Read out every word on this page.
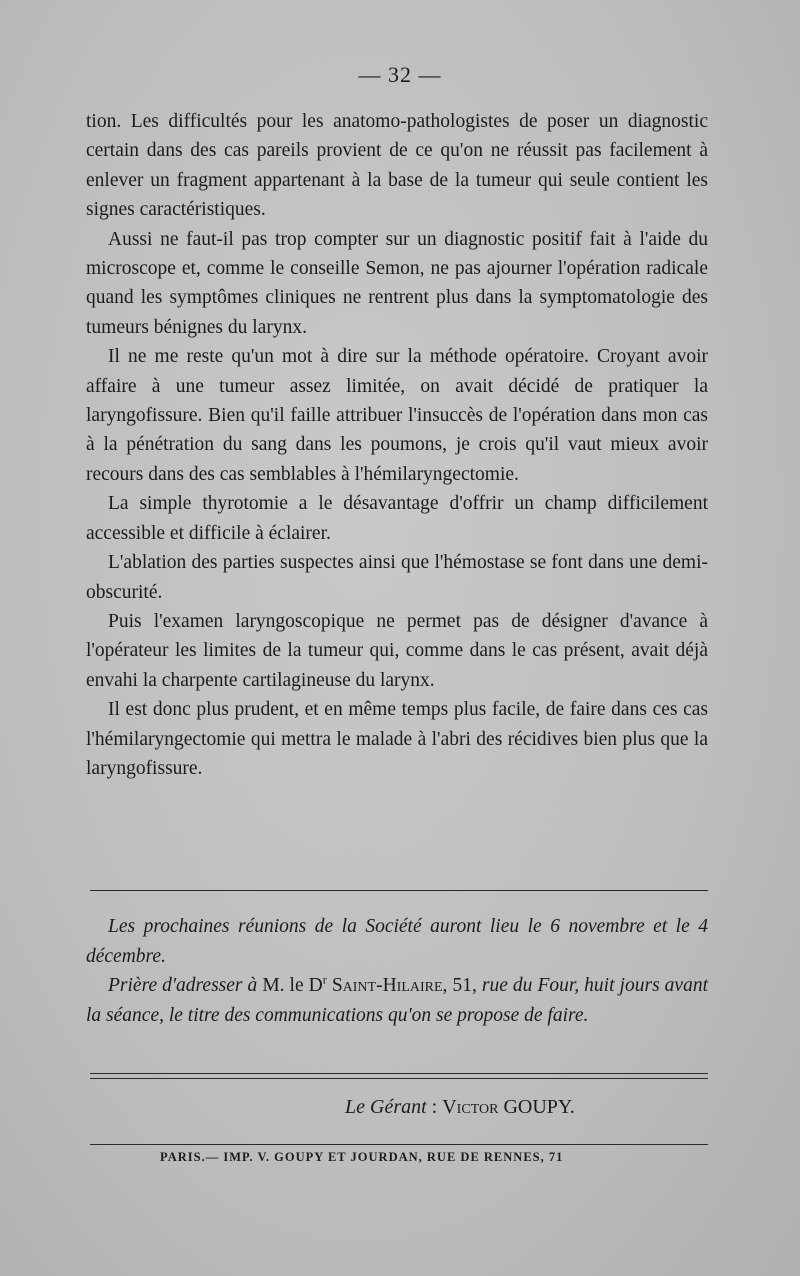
— 32 —

tion. Les difficultés pour les anatomo-pathologistes de poser un diagnostic certain dans des cas pareils provient de ce qu'on ne réussit pas facilement à enlever un fragment appartenant à la base de la tumeur qui seule contient les signes caractéristiques.

Aussi ne faut-il pas trop compter sur un diagnostic positif fait à l'aide du microscope et, comme le conseille Semon, ne pas ajourner l'opération radicale quand les symptômes cliniques ne rentrent plus dans la symptomatologie des tumeurs bénignes du larynx.

Il ne me reste qu'un mot à dire sur la méthode opératoire. Croyant avoir affaire à une tumeur assez limitée, on avait décidé de pratiquer la laryngofissure. Bien qu'il faille attribuer l'insuccès de l'opération dans mon cas à la pénétration du sang dans les poumons, je crois qu'il vaut mieux avoir recours dans des cas semblables à l'hémilaryngectomie.

La simple thyrotomie a le désavantage d'offrir un champ difficilement accessible et difficile à éclairer.

L'ablation des parties suspectes ainsi que l'hémostase se font dans une demi-obscurité.

Puis l'examen laryngoscopique ne permet pas de désigner d'avance à l'opérateur les limites de la tumeur qui, comme dans le cas présent, avait déjà envahi la charpente cartilagineuse du larynx.

Il est donc plus prudent, et en même temps plus facile, de faire dans ces cas l'hémilaryngectomie qui mettra le malade à l'abri des récidives bien plus que la laryngofissure.

Les prochaines réunions de la Société auront lieu le 6 novembre et le 4 décembre.

Prière d'adresser à M. le $D^r$ Saint-Hilaire, 51, rue du Four, huit jours avant la séance, le titre des communications qu'on se propose de faire.

Le Gérant : Victor GOUPY.
PARIS.— IMP. V. GOUPY ET JOURDAN, RUE DE RENNES, 71
